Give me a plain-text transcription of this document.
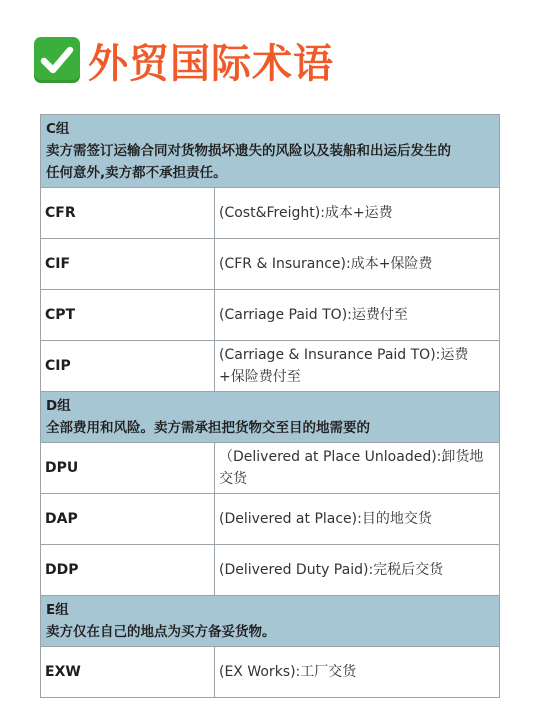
外贸国际术语
C组
卖方需签订运输合同对货物损坏遗失的风险以及装船和出运后发生的
任何意外,卖方都不承担责任。	

CFR	(Cost&Freight):成本+运费
CIF	(CFR & Insurance):成本+保险费
CPT	(Carriage Paid TO):运费付至
CIP	(Carriage & Insurance Paid TO):运费+保险费付至

D组
全部费用和风险。卖方需承担把货物交至目的地需要的	

DPU	（Delivered at Place Unloaded):卸货地交货
DAP	(Delivered at Place):目的地交货
DDP	(Delivered Duty Paid):完税后交货

E组
卖方仅在自己的地点为买方备妥货物。	

EXW	(EX Works):工厂交货
